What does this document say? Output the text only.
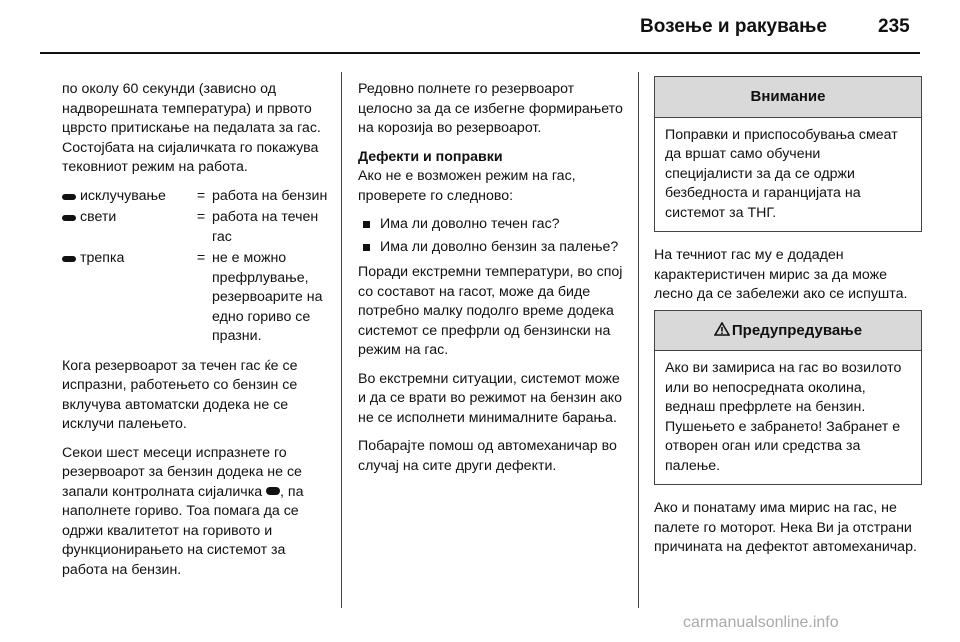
Возење и ракување	235

по околу 60 секунди (зависно од надворешната температура) и првото цврсто притискање на педалата за гас. Состојбата на сијаличката го покажува тековниот режим на работа.

исклучување	= работа на бензин
свети	= работа на течен гас
трепка	= не е можно префрлување, резервоарите на едно гориво се празни.

Кога резервоарот за течен гас ќе се испразни, работењето со бензин се вклучува автоматски додека не се исклучи палењето.

Секои шест месеци испразнете го резервоарот за бензин додека не се запали контролната сијаличка , па наполнете гориво. Тоа помага да се одржи квалитетот на горивото и функционирањето на системот за работа на бензин.

Редовно полнете го резервоарот целосно за да се избегне формирањето на корозија во резервоарот.

Дефекти и поправки

Ако не е возможен режим на гас, проверете го следново:

Има ли доволно течен гас?
Има ли доволно бензин за палење?

Поради екстремни температури, во спој со составот на гасот, може да биде потребно малку подолго време додека системот се префрли од бензински на режим на гас.

Во екстремни ситуации, системот може и да се врати во режимот на бензин ако не се исполнети минималните барања.

Побарајте помош од автомеханичар во случај на сите други дефекти.

Внимание
Поправки и приспособувања смеат да вршат само обучени специјалисти за да се одржи безбедноста и гаранцијата на системот за ТНГ.

На течниот гас му е додаден карактеристичен мирис за да може лесно да се забележи ако се испушта.

Предупредување
Ако ви замирисa на гас во возилото или во непосредната околина, веднаш префрлете на бензин. Пушењето е забрането! Забранет е отворен оган или средства за палење.

Ако и понатаму има мирис на гас, не палете го моторот. Нека Ви ја отстрани причината на дефектот автомеханичар.

carmanualsonline.info
